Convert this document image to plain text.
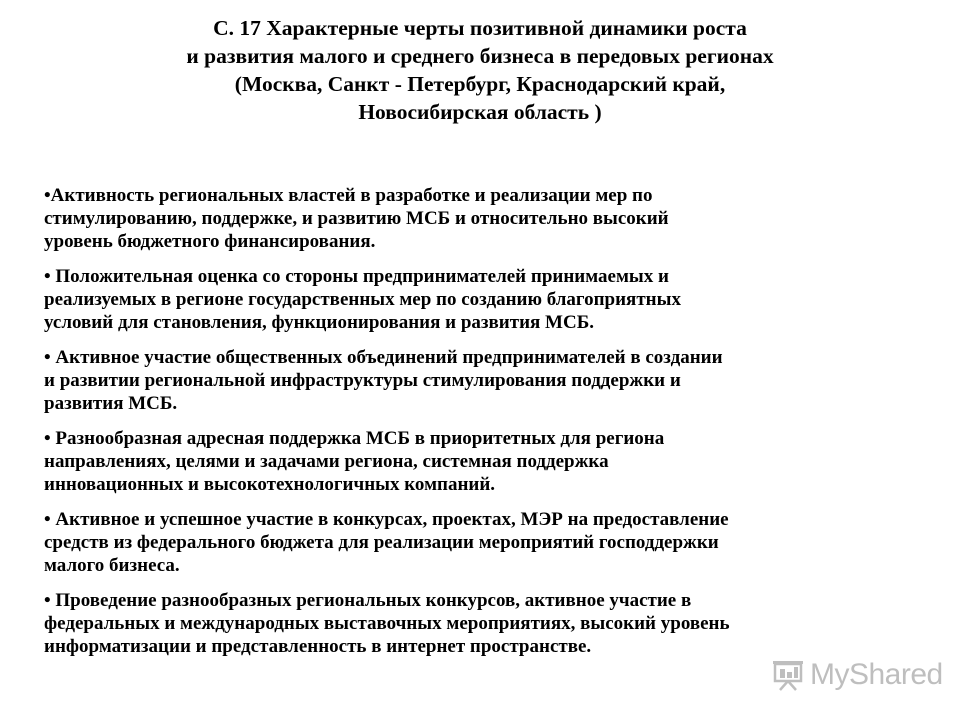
С. 17 Характерные черты позитивной динамики роста
и развития малого и среднего бизнеса в передовых регионах
(Москва, Санкт - Петербург, Краснодарский край,
Новосибирская область )
•Активность региональных властей в разработке и реализации мер по
стимулированию, поддержке, и развитию МСБ и относительно высокий
уровень бюджетного финансирования.
• Положительная оценка со стороны предпринимателей принимаемых и
реализуемых в регионе государственных мер по созданию благоприятных
условий для становления, функционирования и развития МСБ.
• Активное участие общественных объединений предпринимателей в создании
и развитии региональной инфраструктуры стимулирования поддержки и
развития МСБ.
• Разнообразная адресная поддержка МСБ в приоритетных для региона
направлениях, целями и задачами региона, системная поддержка
инновационных и высокотехнологичных компаний.
• Активное и успешное участие в конкурсах, проектах, МЭР на предоставление
средств из федерального бюджета для реализации мероприятий господдержки
малого бизнеса.
• Проведение разнообразных региональных конкурсов, активное участие в
федеральных и международных выставочных мероприятиях, высокий уровень
информатизации и представленность в интернет пространстве.
MyShared
